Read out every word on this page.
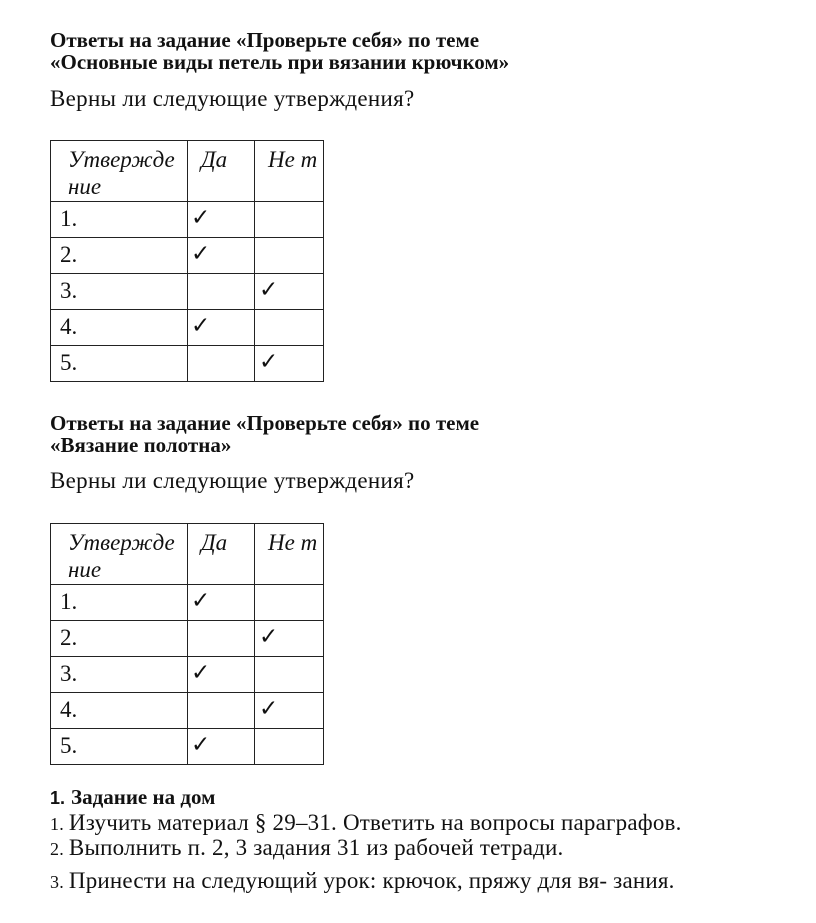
Ответы на задание «Проверьте себя» по теме
«Основные виды петель при вязании крючком»

Верны ли следующие утверждения?

Утвержде ние	Да	Не т

1.	✓	
2.	✓	
3.		✓
4.	✓	
5.		✓

Ответы на задание «Проверьте себя» по теме
«Вязание полотна»

Верны ли следующие утверждения?

Утвержде ние	Да	Не т

1.	✓	
2.		✓
3.	✓	
4.		✓
5.	✓	

1. Задание на дом

1. Изучить материал § 29–31. Ответить на вопросы параграфов.

2. Выполнить п. 2, 3 задания 31 из рабочей тетради.

3. Принести на следующий урок: крючок, пряжу для вя- зания.
